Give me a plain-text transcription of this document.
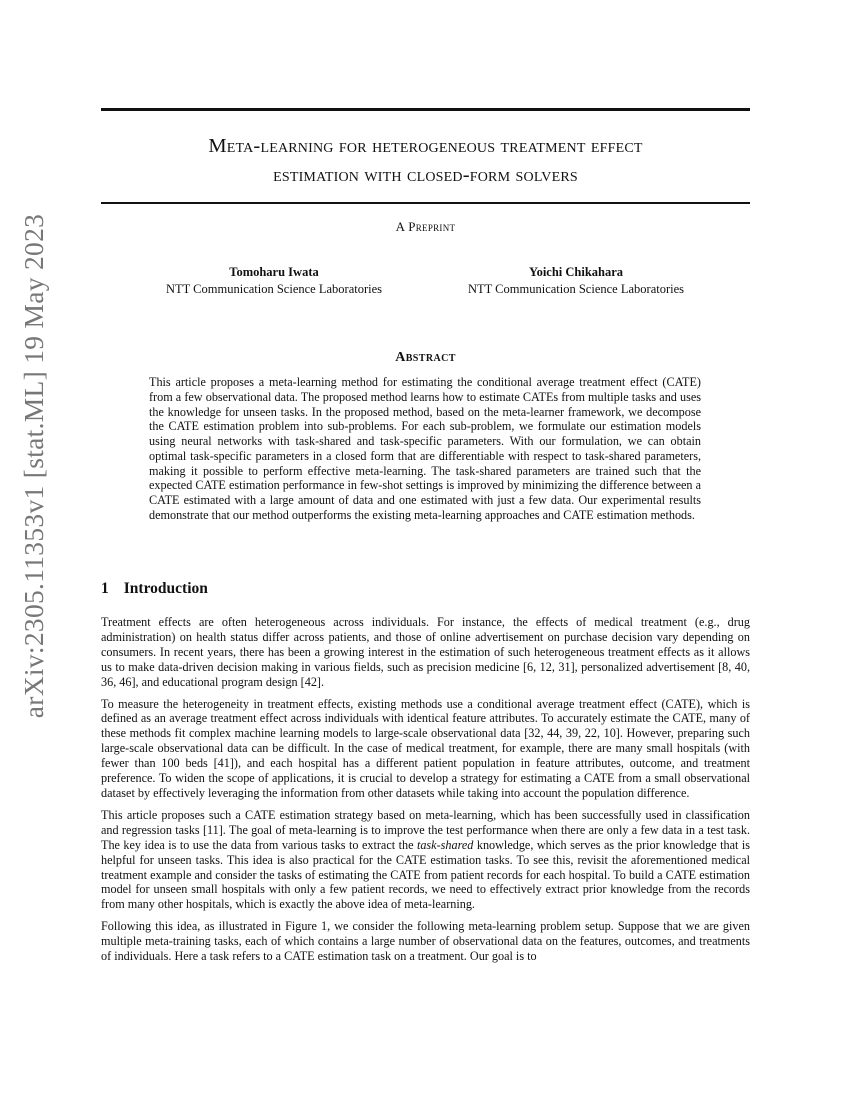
Meta-learning for heterogeneous treatment effect
estimation with closed-form solvers
A Preprint
Tomoharu Iwata
NTT Communication Science Laboratories
Yoichi Chikahara
NTT Communication Science Laboratories
Abstract
This article proposes a meta-learning method for estimating the conditional average treatment effect (CATE) from a few observational data. The proposed method learns how to estimate CATEs from multiple tasks and uses the knowledge for unseen tasks. In the proposed method, based on the meta-learner framework, we decompose the CATE estimation problem into sub-problems. For each sub-problem, we formulate our estimation models using neural networks with task-shared and task-specific parameters. With our formulation, we can obtain optimal task-specific parameters in a closed form that are differentiable with respect to task-shared parameters, making it possible to perform effective meta-learning. The task-shared parameters are trained such that the expected CATE estimation performance in few-shot settings is improved by minimizing the difference between a CATE estimated with a large amount of data and one estimated with just a few data. Our experimental results demonstrate that our method outperforms the existing meta-learning approaches and CATE estimation methods.
arXiv:2305.11353v1 [stat.ML] 19 May 2023	1 Introduction

Treatment effects are often heterogeneous across individuals. For instance, the effects of medical treatment (e.g., drug administration) on health status differ across patients, and those of online advertisement on purchase decision vary depending on consumers. In recent years, there has been a growing interest in the estimation of such heterogeneous treatment effects as it allows us to make data-driven decision making in various fields, such as precision medicine [6, 12, 31], personalized advertisement [8, 40, 36, 46], and educational program design [42].

To measure the heterogeneity in treatment effects, existing methods use a conditional average treatment effect (CATE), which is defined as an average treatment effect across individuals with identical feature attributes. To accurately estimate the CATE, many of these methods fit complex machine learning models to large-scale observational data [32, 44, 39, 22, 10]. However, preparing such large-scale observational data can be difficult. In the case of medical treatment, for example, there are many small hospitals (with fewer than 100 beds [41]), and each hospital has a different patient population in feature attributes, outcome, and treatment preference. To widen the scope of applications, it is crucial to develop a strategy for estimating a CATE from a small observational dataset by effectively leveraging the information from other datasets while taking into account the population difference.

This article proposes such a CATE estimation strategy based on meta-learning, which has been successfully used in classification and regression tasks [11]. The goal of meta-learning is to improve the test performance when there are only a few data in a test task. The key idea is to use the data from various tasks to extract the task-shared knowledge, which serves as the prior knowledge that is helpful for unseen tasks. This idea is also practical for the CATE estimation tasks. To see this, revisit the aforementioned medical treatment example and consider the tasks of estimating the CATE from patient records for each hospital. To build a CATE estimation model for unseen small hospitals with only a few patient records, we need to effectively extract prior knowledge from the records from many other hospitals, which is exactly the above idea of meta-learning.

Following this idea, as illustrated in Figure 1, we consider the following meta-learning problem setup. Suppose that we are given multiple meta-training tasks, each of which contains a large number of observational data on the features, outcomes, and treatments of individuals. Here a task refers to a CATE estimation task on a treatment. Our goal is to
